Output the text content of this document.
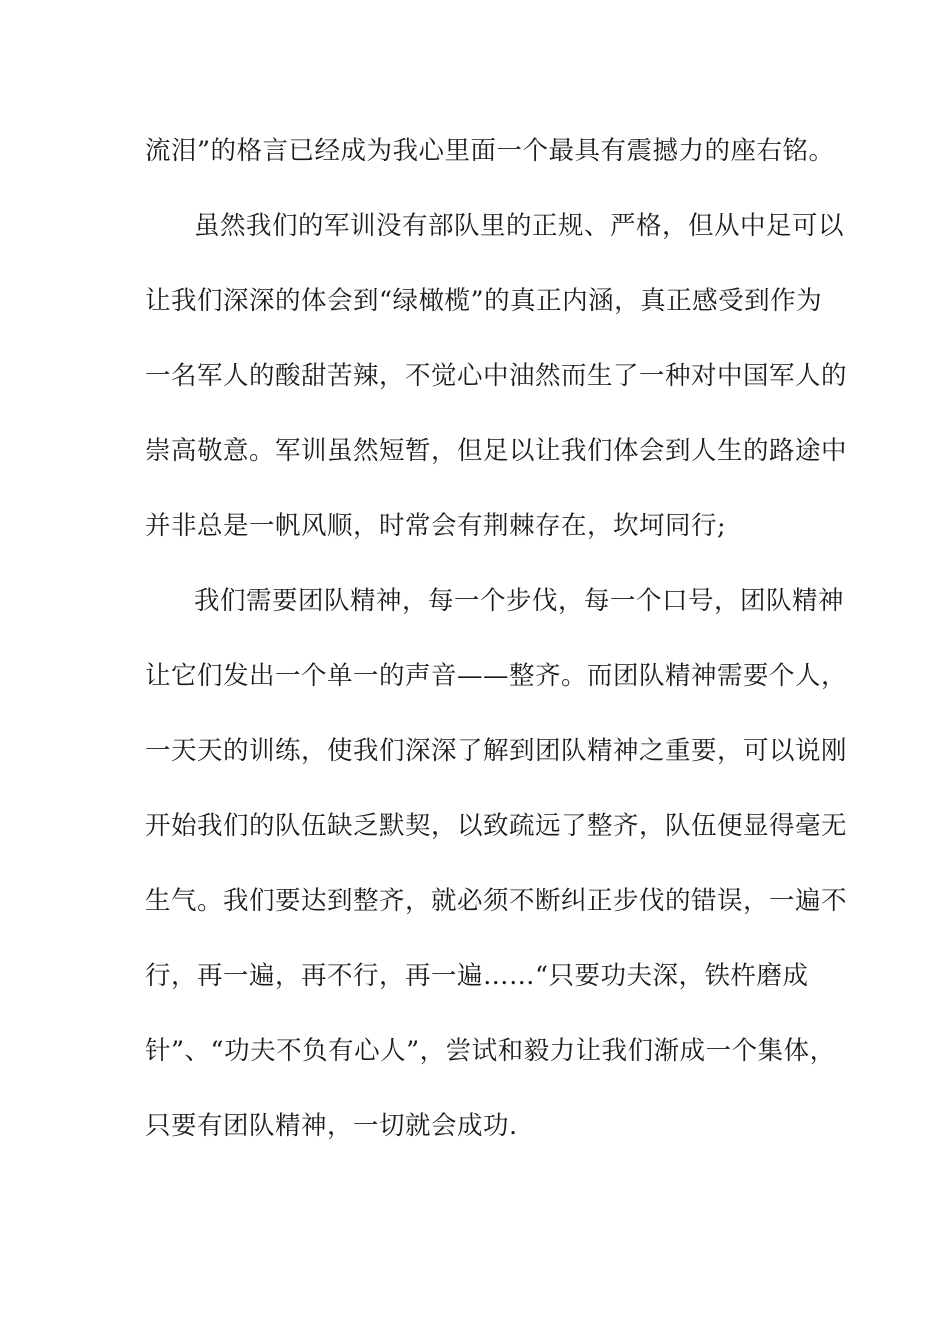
流泪”的格言已经成为我心里面一个最具有震撼力的座右铭。
虽然我们的军训没有部队里的正规、严格，但从中足可以
让我们深深的体会到“绿橄榄”的真正内涵，真正感受到作为
一名军人的酸甜苦辣，不觉心中油然而生了一种对中国军人的
崇高敬意。军训虽然短暂，但足以让我们体会到人生的路途中
并非总是一帆风顺，时常会有荆棘存在，坎坷同行;
我们需要团队精神，每一个步伐，每一个口号，团队精神
让它们发出一个单一的声音——整齐。而团队精神需要个人，
一天天的训练，使我们深深了解到团队精神之重要，可以说刚
开始我们的队伍缺乏默契，以致疏远了整齐，队伍便显得毫无
生气。我们要达到整齐，就必须不断纠正步伐的错误，一遍不
行，再一遍，再不行，再一遍……“只要功夫深，铁杵磨成
针”、“功夫不负有心人”，尝试和毅力让我们渐成一个集体，
只要有团队精神，一切就会成功.
